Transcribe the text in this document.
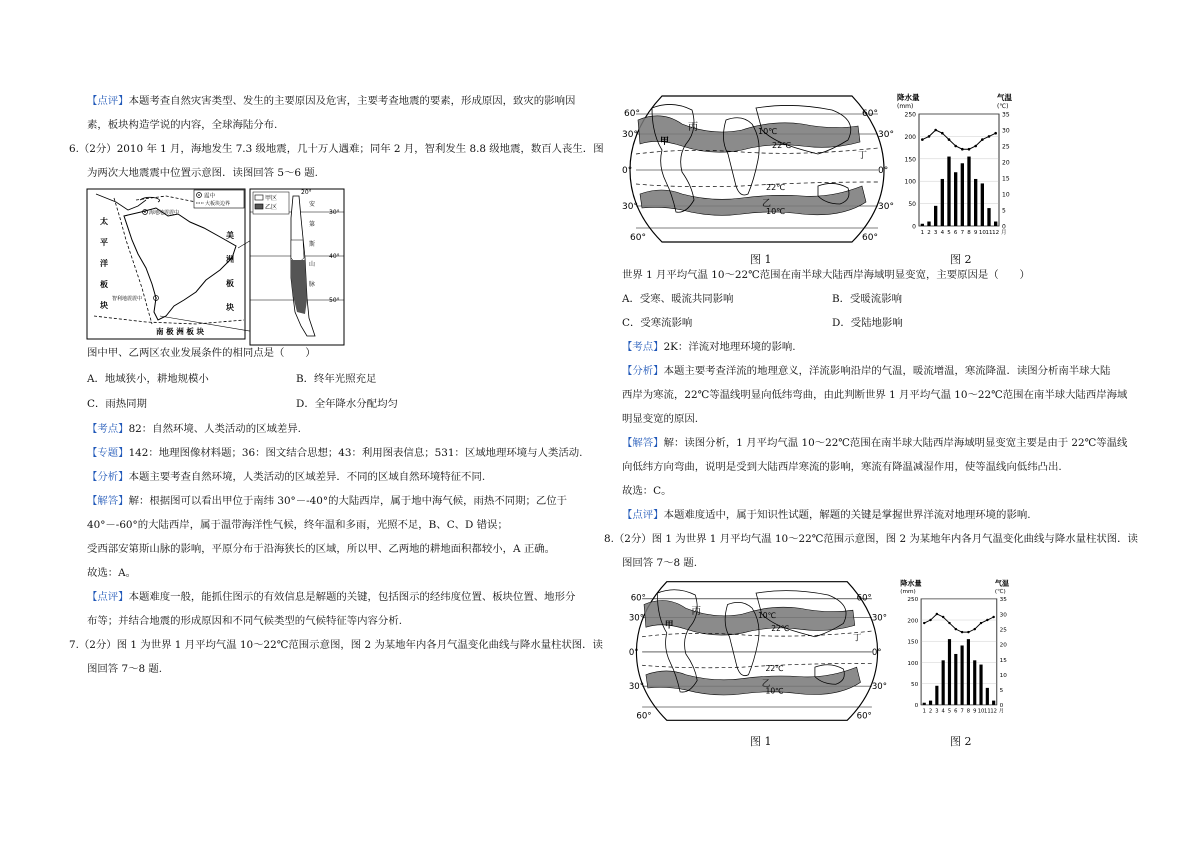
【点评】本题考查自然灾害类型、发生的主要原因及危害，主要考查地震的要素，形成原因，致灾的影响因
素，板块构造学说的内容，全球海陆分布.
6.（2分）2010 年 1 月，海地发生 7.3 级地震，几十万人遇难；同年 2 月，智利发生 8.8 级地震，数百人丧生．图
为两次大地震震中位置示意图．读图回答 5～6 题.
震中
大板块边界
海地地震震中
智利地震震中
太
平
洋
板
块
美
洲
板
块
南 极 洲 板 块
20°
30°
40°
50°
甲区
乙区	安
第
斯
山
脉
图中甲、乙两区农业发展条件的相同点是（　　）
A．地域狭小，耕地规模小	B．终年光照充足
C．雨热同期	D．全年降水分配均匀
【考点】82：自然环境、人类活动的区域差异.
【专题】142：地理图像材料题；36：图文结合思想；43：利用图表信息；531：区域地理环境与人类活动.
【分析】本题主要考查自然环境，人类活动的区域差异．不同的区域自然环境特征不同.
【解答】解：根据图可以看出甲位于南纬 30°－-40°的大陆西岸，属于地中海气候，雨热不同期；乙位于
40°－-60°的大陆西岸，属于温带海洋性气候，终年温和多雨，光照不足，B、C、D 错误；
受西部安第斯山脉的影响，平原分布于沿海狭长的区域，所以甲、乙两地的耕地面积都较小，A 正确。
故选：A。
【点评】本题难度一般，能抓住图示的有效信息是解题的关键，包括图示的经纬度位置、板块位置、地形分
布等；并结合地震的形成原因和不同气候类型的气候特征等内容分析.
7.（2分）图 1 为世界 1 月平均气温 10～22℃范围示意图，图 2 为某地年内各月气温变化曲线与降水量柱状图．读
图回答 7～8 题.
60°	60°
30°	30°
0°	0°
30°	30°
60°	60°
丙
甲
丁
乙
10℃
22℃
22℃
10℃
降水量
(mm)
气温
(℃)
250
200
150
100
50
0
35
30
25
20
15
10
5
0
1 2 3 4 5 6 7 8 9 10 11 12 月
图 1	图 2
世界 1 月平均气温 10～22℃范围在南半球大陆西岸海域明显变宽，主要原因是（　　）
A．受寒、暖流共同影响	B．受暖流影响
C．受寒流影响	D．受陆地影响
【考点】2K：洋流对地理环境的影响.
【分析】本题主要考查洋流的地理意义，洋流影响沿岸的气温，暖流增温，寒流降温．读图分析南半球大陆
西岸为寒流，22℃等温线明显向低纬弯曲，由此判断世界 1 月平均气温 10～22℃范围在南半球大陆西岸海域
明显变宽的原因.
【解答】解：读图分析，1 月平均气温 10～22℃范围在南半球大陆西岸海域明显变宽主要是由于 22℃等温线
向低纬方向弯曲，说明是受到大陆西岸寒流的影响，寒流有降温减湿作用，使等温线向低纬凸出.
故选：C。
【点评】本题难度适中，属于知识性试题，解题的关键是掌握世界洋流对地理环境的影响.
8.（2分）图 1 为世界 1 月平均气温 10～22℃范围示意图，图 2 为某地年内各月气温变化曲线与降水量柱状图．读
图回答 7～8 题.
60°	60°
30°	30°
0°	0°
30°	30°
60°	60°
丙
甲
丁
乙
10℃
22℃
22℃
10℃
降水量
(mm)
气温
(℃)
250
200
150
100
50
0
35
30
25
20
15
10
5
0
1 2 3 4 5 6 7 8 9 10 11 12 月
图 1	图 2
